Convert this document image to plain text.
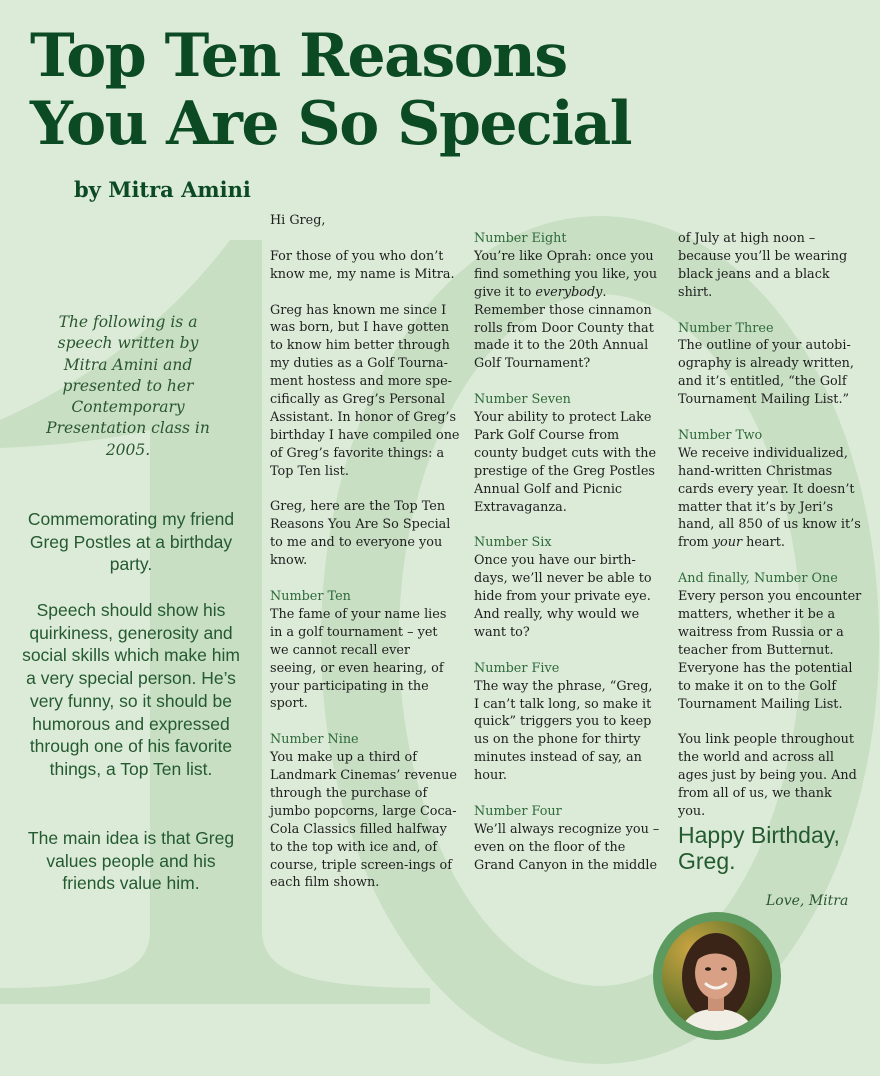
Top Ten Reasons
You Are So Special
by Mitra Amini
The following is a speech written by Mitra Amini and presented to her Contemporary Presentation class in 2005.
Commemorating my friend Greg Postles at a birthday party.
Speech should show his quirkiness, generosity and social skills which make him a very special person. He’s very funny, so it should be humorous and expressed through one of his favorite things, a Top Ten list.
The main idea is that Greg values people and his friends value him.

Hi Greg,

For those of you who don’t know me, my name is Mitra.

Greg has known me since I was born, but I have gotten to know him better through my duties as a Golf Tourna-ment hostess and more spe-cifically as Greg’s Personal Assistant. In honor of Greg’s birthday I have compiled one of Greg’s favorite things: a Top Ten list.

Greg, here are the Top Ten Reasons You Are So Special to me and to everyone you know.

Number Ten
The fame of your name lies in a golf tournament – yet we cannot recall ever seeing, or even hearing, of your participating in the sport.

Number Nine
You make up a third of Landmark Cinemas’ revenue through the purchase of jumbo popcorns, large Coca-Cola Classics filled halfway to the top with ice and, of course, triple screen-ings of each film shown.

Number Eight
You’re like Oprah: once you find something you like, you give it to everybody. Remember those cinnamon rolls from Door County that made it to the 20th Annual Golf Tournament?

Number Seven
Your ability to protect Lake Park Golf Course from county budget cuts with the prestige of the Greg Postles Annual Golf and Picnic Extravaganza.

Number Six
Once you have our birth-days, we’ll never be able to hide from your private eye. And really, why would we want to?

Number Five
The way the phrase, “Greg, I can’t talk long, so make it quick” triggers you to keep us on the phone for thirty minutes instead of say, an hour.

Number Four
We’ll always recognize you – even on the floor of the Grand Canyon in the middle

of July at high noon – because you’ll be wearing black jeans and a black shirt.

Number Three
The outline of your autobi-ography is already written, and it’s entitled, “the Golf Tournament Mailing List.”

Number Two
We receive individualized, hand-written Christmas cards every year. It doesn’t matter that it’s by Jeri’s hand, all 850 of us know it’s from your heart.

And finally, Number One
Every person you encounter matters, whether it be a waitress from Russia or a teacher from Butternut. Everyone has the potential to make it on to the Golf Tournament Mailing List.

You link people throughout the world and across all ages just by being you. And from all of us, we thank you.

Happy Birthday,
Greg.
Love, Mitra
